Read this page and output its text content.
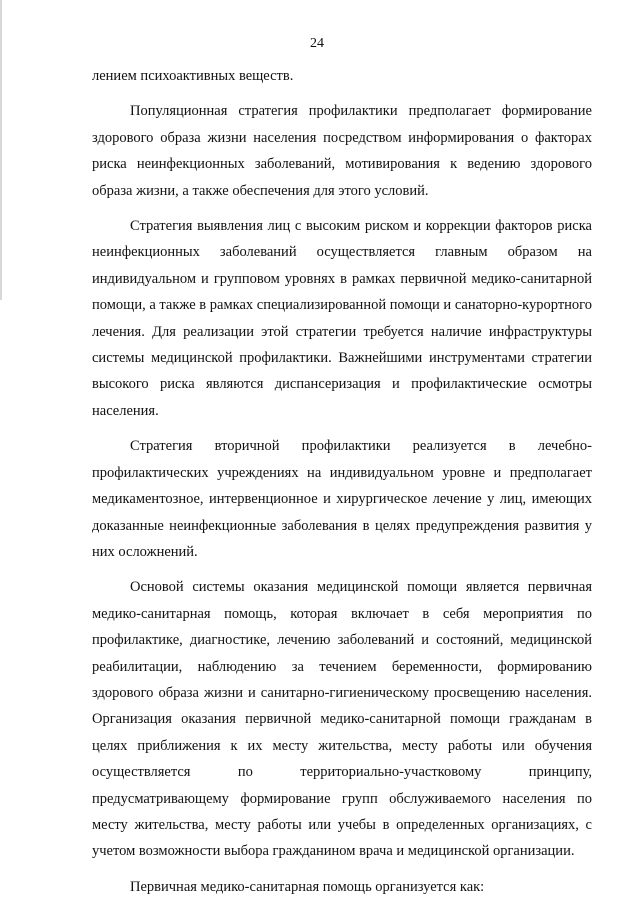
24

лением психоактивных веществ.

Популяционная стратегия профилактики предполагает формирование здорового образа жизни населения посредством информирования о факторах риска неинфекционных заболеваний, мотивирования к ведению здорового образа жизни, а также обеспечения для этого условий.

Стратегия выявления лиц с высоким риском и коррекции факторов риска неинфекционных заболеваний осуществляется главным образом на индивидуальном и групповом уровнях в рамках первичной медико-санитарной помощи, а также в рамках специализированной помощи и санаторно-курортного лечения. Для реализации этой стратегии требуется наличие инфраструктуры системы медицинской профилактики. Важнейшими инструментами стратегии высокого риска являются диспансеризация и профилактические осмотры населения.

Стратегия вторичной профилактики реализуется в лечебно-профилактических учреждениях на индивидуальном уровне и предполагает медикаментозное, интервенционное и хирургическое лечение у лиц, имеющих доказанные неинфекционные заболевания в целях предупреждения развития у них осложнений.

Основой системы оказания медицинской помощи является первичная медико-санитарная помощь, которая включает в себя мероприятия по профилактике, диагностике, лечению заболеваний и состояний, медицинской реабилитации, наблюдению за течением беременности, формированию здорового образа жизни и санитарно-гигиеническому просвещению населения. Организация оказания первичной медико-санитарной помощи гражданам в целях приближения к их месту жительства, месту работы или обучения осуществляется по территориально-участковому принципу, предусматривающему формирование групп обслуживаемого населения по месту жительства, месту работы или учебы в определенных организациях, с учетом возможности выбора гражданином врача и медицинской организации.

Первичная медико-санитарная помощь организуется как:
